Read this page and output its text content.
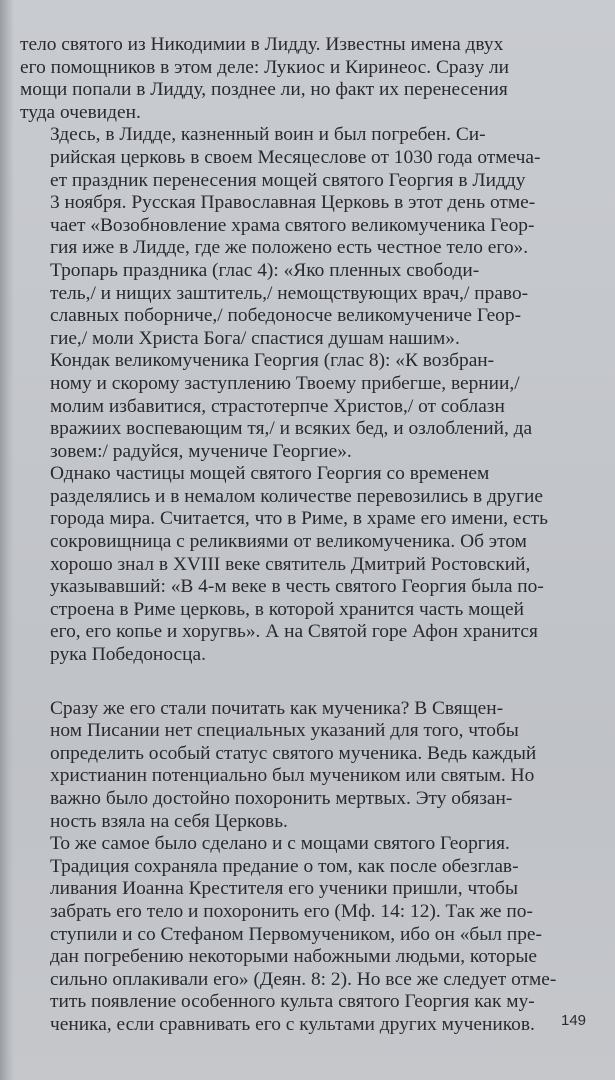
тело святого из Никодимии в Лидду. Известны имена двух
его помощников в этом деле: Лукиос и Киринеос. Сразу ли
мощи попали в Лидду, позднее ли, но факт их перенесения
туда очевиден.

Здесь, в Лидде, казненный воин и был погребен. Си-
рийская церковь в своем Месяцеслове от 1030 года отмеча-
ет праздник перенесения мощей святого Георгия в Лидду
3 ноября. Русская Православная Церковь в этот день отме-
чает «Возобновление храма святого великомученика Геор-
гия иже в Лидде, где же положено есть честное тело его».

Тропарь праздника (глас 4): «Яко пленных свободи-
тель,/ и нищих заштитель,/ немощствующих врач,/ право-
славных поборниче,/ победоносче великомучениче Геор-
гие,/ моли Христа Бога/ спастися душам нашим».

Кондак великомученика Георгия (глас 8): «К возбран-
ному и скорому заступлению Твоему прибегше, вернии,/
молим избавитися, страстотерпче Христов,/ от соблазн
вражиих воспевающим тя,/ и всяких бед, и озлоблений, да
зовем:/ радуйся, мучениче Георгие».

Однако частицы мощей святого Георгия со временем
разделялись и в немалом количестве перевозились в другие
города мира. Считается, что в Риме, в храме его имени, есть
сокровищница с реликвиями от великомученика. Об этом
хорошо знал в XVIII веке святитель Дмитрий Ростовский,
указывавший: «В 4-м веке в честь святого Георгия была по-
строена в Риме церковь, в которой хранится часть мощей
его, его копье и хоругвь». А на Святой горе Афон хранится
рука Победоносца.

Сразу же его стали почитать как мученика? В Священ-
ном Писании нет специальных указаний для того, чтобы
определить особый статус святого мученика. Ведь каждый
христианин потенциально был мучеником или святым. Но
важно было достойно похоронить мертвых. Эту обязан-
ность взяла на себя Церковь.

То же самое было сделано и с мощами святого Георгия.
Традиция сохраняла предание о том, как после обезглав-
ливания Иоанна Крестителя его ученики пришли, чтобы
забрать его тело и похоронить его (Мф. 14: 12). Так же по-
ступили и со Стефаном Первомучеником, ибо он «был пре-
дан погребению некоторыми набожными людьми, которые
сильно оплакивали его» (Деян. 8: 2). Но все же следует отме-
тить появление особенного культа святого Георгия как му-
ченика, если сравнивать его с культами других мучеников.	149
